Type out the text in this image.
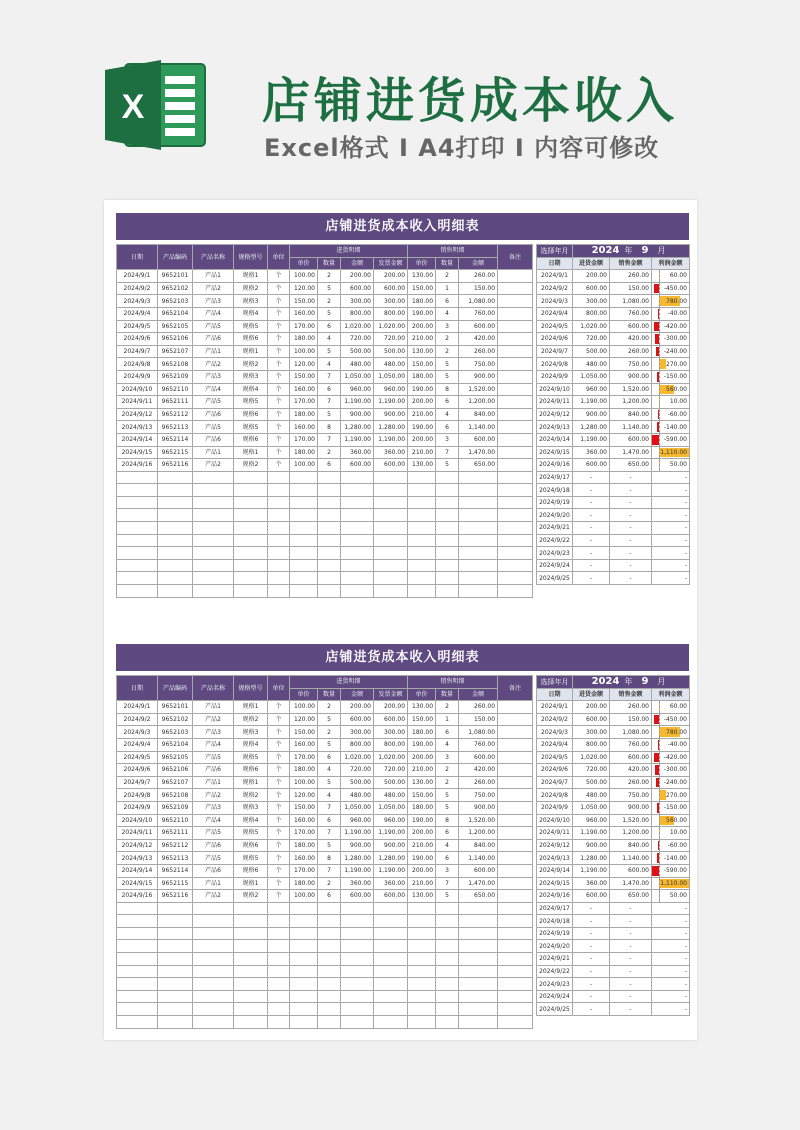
X 店铺进货成本收入
Excel格式 I A4打印 I 内容可修改
店铺进货成本收入明细表
日期	产品编码	产品名称	规格型号	单位	进货明细				销售明细			备注
					单价	数量	金额	发票金额	单价	数量	金额	
2024/9/1	9652101	产品1	规格1	个	100.00	2	200.00	200.00	130.00	2	260.00	
2024/9/2	9652102	产品2	规格2	个	120.00	5	600.00	600.00	150.00	1	150.00	
2024/9/3	9652103	产品3	规格3	个	150.00	2	300.00	300.00	180.00	6	1,080.00	
2024/9/4	9652104	产品4	规格4	个	160.00	5	800.00	800.00	190.00	4	760.00	
2024/9/5	9652105	产品5	规格5	个	170.00	6	1,020.00	1,020.00	200.00	3	600.00	
2024/9/6	9652106	产品6	规格6	个	180.00	4	720.00	720.00	210.00	2	420.00	
2024/9/7	9652107	产品1	规格1	个	100.00	5	500.00	500.00	130.00	2	260.00	
2024/9/8	9652108	产品2	规格2	个	120.00	4	480.00	480.00	150.00	5	750.00	
2024/9/9	9652109	产品3	规格3	个	150.00	7	1,050.00	1,050.00	180.00	5	900.00	
2024/9/10	9652110	产品4	规格4	个	160.00	6	960.00	960.00	190.00	8	1,520.00	
2024/9/11	9652111	产品5	规格5	个	170.00	7	1,190.00	1,190.00	200.00	6	1,200.00	
2024/9/12	9652112	产品6	规格6	个	180.00	5	900.00	900.00	210.00	4	840.00	
2024/9/13	9652113	产品5	规格5	个	160.00	8	1,280.00	1,280.00	190.00	6	1,140.00	
2024/9/14	9652114	产品6	规格6	个	170.00	7	1,190.00	1,190.00	200.00	3	600.00	
2024/9/15	9652115	产品1	规格1	个	180.00	2	360.00	360.00	210.00	7	1,470.00	
2024/9/16	9652116	产品2	规格2	个	100.00	6	600.00	600.00	130.00	5	650.00	

选择年月	2024 年 9 月		

日期	进货金额	销售金额	利润金额
2024/9/1	200.00	260.00	60.00

2024/9/2	600.00	150.00	-450.00

2024/9/3	300.00	1,080.00	780.00

2024/9/4	800.00	760.00	-40.00

2024/9/5	1,020.00	600.00	-420.00

2024/9/6	720.00	420.00	-300.00

2024/9/7	500.00	260.00	-240.00

2024/9/8	480.00	750.00	270.00

2024/9/9	1,050.00	900.00	-150.00

2024/9/10	960.00	1,520.00	560.00

2024/9/11	1,190.00	1,200.00	10.00

2024/9/12	900.00	840.00	-60.00

2024/9/13	1,280.00	1,140.00	-140.00

2024/9/14	1,190.00	600.00	-590.00

2024/9/15	360.00	1,470.00	1,110.00

2024/9/16	600.00	650.00	50.00

2024/9/17	-	-	-

2024/9/18	-	-	-

2024/9/19	-	-	-

2024/9/20	-	-	-

2024/9/21	-	-	-

2024/9/22	-	-	-

2024/9/23	-	-	-

2024/9/24	-	-	-

2024/9/25	-	-	-
店铺进货成本收入明细表
日期	产品编码	产品名称	规格型号	单位	进货明细				销售明细			备注
					单价	数量	金额	发票金额	单价	数量	金额	
2024/9/1	9652101	产品1	规格1	个	100.00	2	200.00	200.00	130.00	2	260.00	
2024/9/2	9652102	产品2	规格2	个	120.00	5	600.00	600.00	150.00	1	150.00	
2024/9/3	9652103	产品3	规格3	个	150.00	2	300.00	300.00	180.00	6	1,080.00	
2024/9/4	9652104	产品4	规格4	个	160.00	5	800.00	800.00	190.00	4	760.00	
2024/9/5	9652105	产品5	规格5	个	170.00	6	1,020.00	1,020.00	200.00	3	600.00	
2024/9/6	9652106	产品6	规格6	个	180.00	4	720.00	720.00	210.00	2	420.00	
2024/9/7	9652107	产品1	规格1	个	100.00	5	500.00	500.00	130.00	2	260.00	
2024/9/8	9652108	产品2	规格2	个	120.00	4	480.00	480.00	150.00	5	750.00	
2024/9/9	9652109	产品3	规格3	个	150.00	7	1,050.00	1,050.00	180.00	5	900.00	
2024/9/10	9652110	产品4	规格4	个	160.00	6	960.00	960.00	190.00	8	1,520.00	
2024/9/11	9652111	产品5	规格5	个	170.00	7	1,190.00	1,190.00	200.00	6	1,200.00	
2024/9/12	9652112	产品6	规格6	个	180.00	5	900.00	900.00	210.00	4	840.00	
2024/9/13	9652113	产品5	规格5	个	160.00	8	1,280.00	1,280.00	190.00	6	1,140.00	
2024/9/14	9652114	产品6	规格6	个	170.00	7	1,190.00	1,190.00	200.00	3	600.00	
2024/9/15	9652115	产品1	规格1	个	180.00	2	360.00	360.00	210.00	7	1,470.00	
2024/9/16	9652116	产品2	规格2	个	100.00	6	600.00	600.00	130.00	5	650.00	

选择年月	2024 年 9 月		

日期	进货金额	销售金额	利润金额
2024/9/1	200.00	260.00	60.00

2024/9/2	600.00	150.00	-450.00

2024/9/3	300.00	1,080.00	780.00

2024/9/4	800.00	760.00	-40.00

2024/9/5	1,020.00	600.00	-420.00

2024/9/6	720.00	420.00	-300.00

2024/9/7	500.00	260.00	-240.00

2024/9/8	480.00	750.00	270.00

2024/9/9	1,050.00	900.00	-150.00

2024/9/10	960.00	1,520.00	560.00

2024/9/11	1,190.00	1,200.00	10.00

2024/9/12	900.00	840.00	-60.00

2024/9/13	1,280.00	1,140.00	-140.00

2024/9/14	1,190.00	600.00	-590.00

2024/9/15	360.00	1,470.00	1,110.00

2024/9/16	600.00	650.00	50.00

2024/9/17	-	-	-

2024/9/18	-	-	-

2024/9/19	-	-	-

2024/9/20	-	-	-

2024/9/21	-	-	-

2024/9/22	-	-	-

2024/9/23	-	-	-

2024/9/24	-	-	-

2024/9/25	-	-	-
